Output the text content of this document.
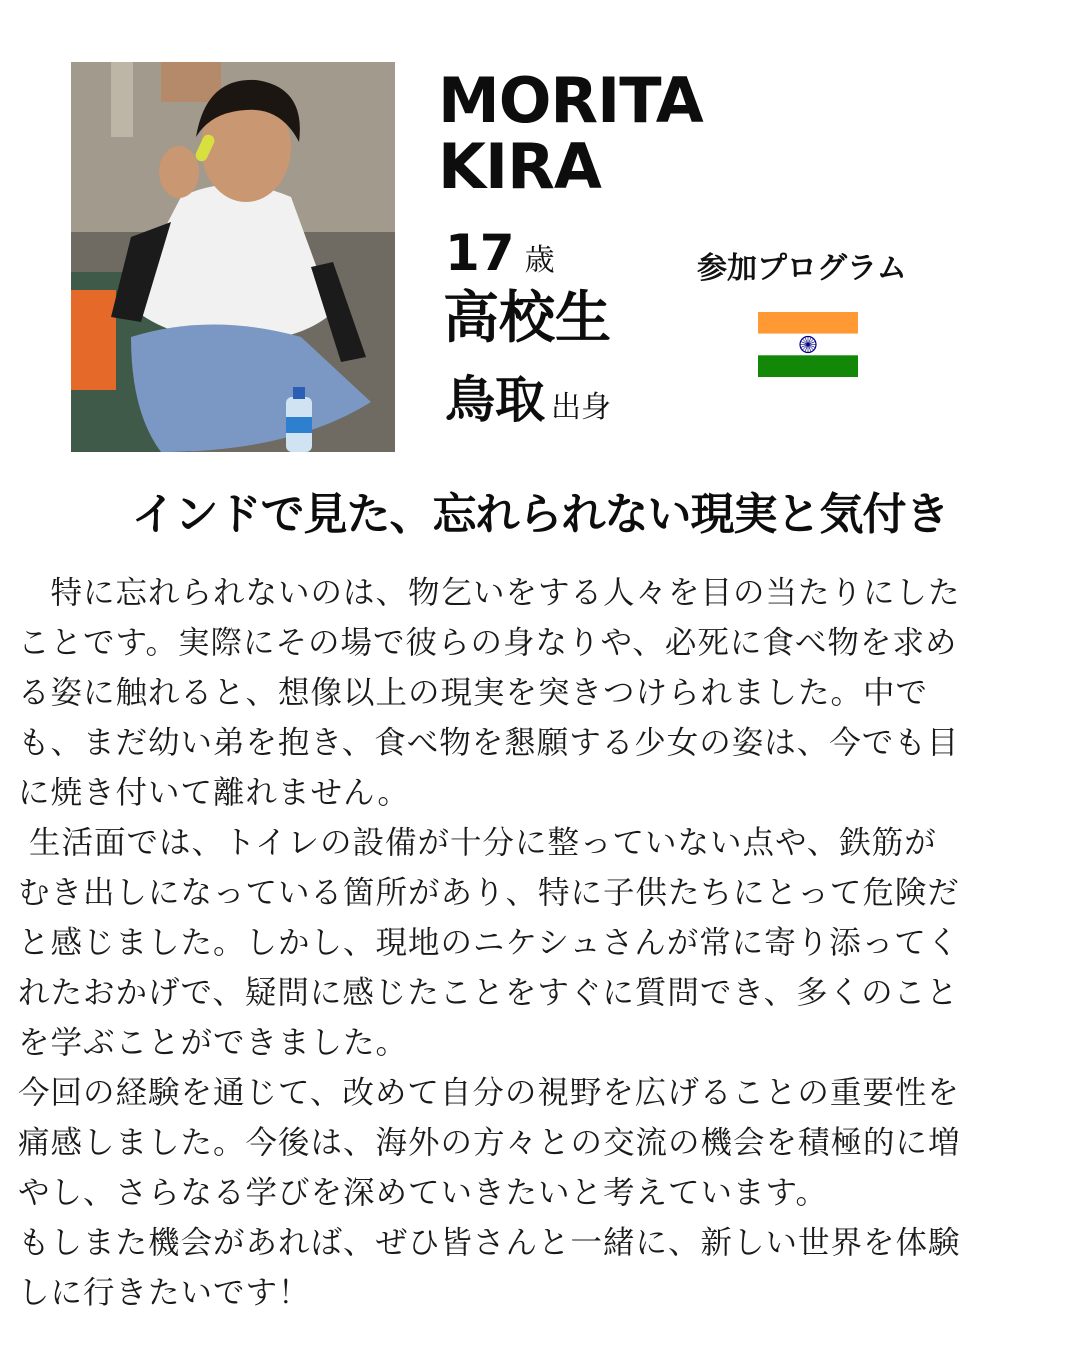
MORITA
KIRA
17 歳
高校生
鳥取 出身
参加プログラム
インドで見た、忘れられない現実と気付き
　特に忘れられないのは、物乞いをする人々を目の当たりにした
ことです。実際にその場で彼らの身なりや、必死に食べ物を求め
る姿に触れると、想像以上の現実を突きつけられました。中で
も、まだ幼い弟を抱き、食べ物を懇願する少女の姿は、今でも目
に焼き付いて離れません。
生活面では、トイレの設備が十分に整っていない点や、鉄筋が
むき出しになっている箇所があり、特に子供たちにとって危険だ
と感じました。しかし、現地のニケシュさんが常に寄り添ってく
れたおかげで、疑問に感じたことをすぐに質問でき、多くのこと
を学ぶことができました。
今回の経験を通じて、改めて自分の視野を広げることの重要性を
痛感しました。今後は、海外の方々との交流の機会を積極的に増
やし、さらなる学びを深めていきたいと考えています。
もしまた機会があれば、ぜひ皆さんと一緒に、新しい世界を体験
しに行きたいです！
